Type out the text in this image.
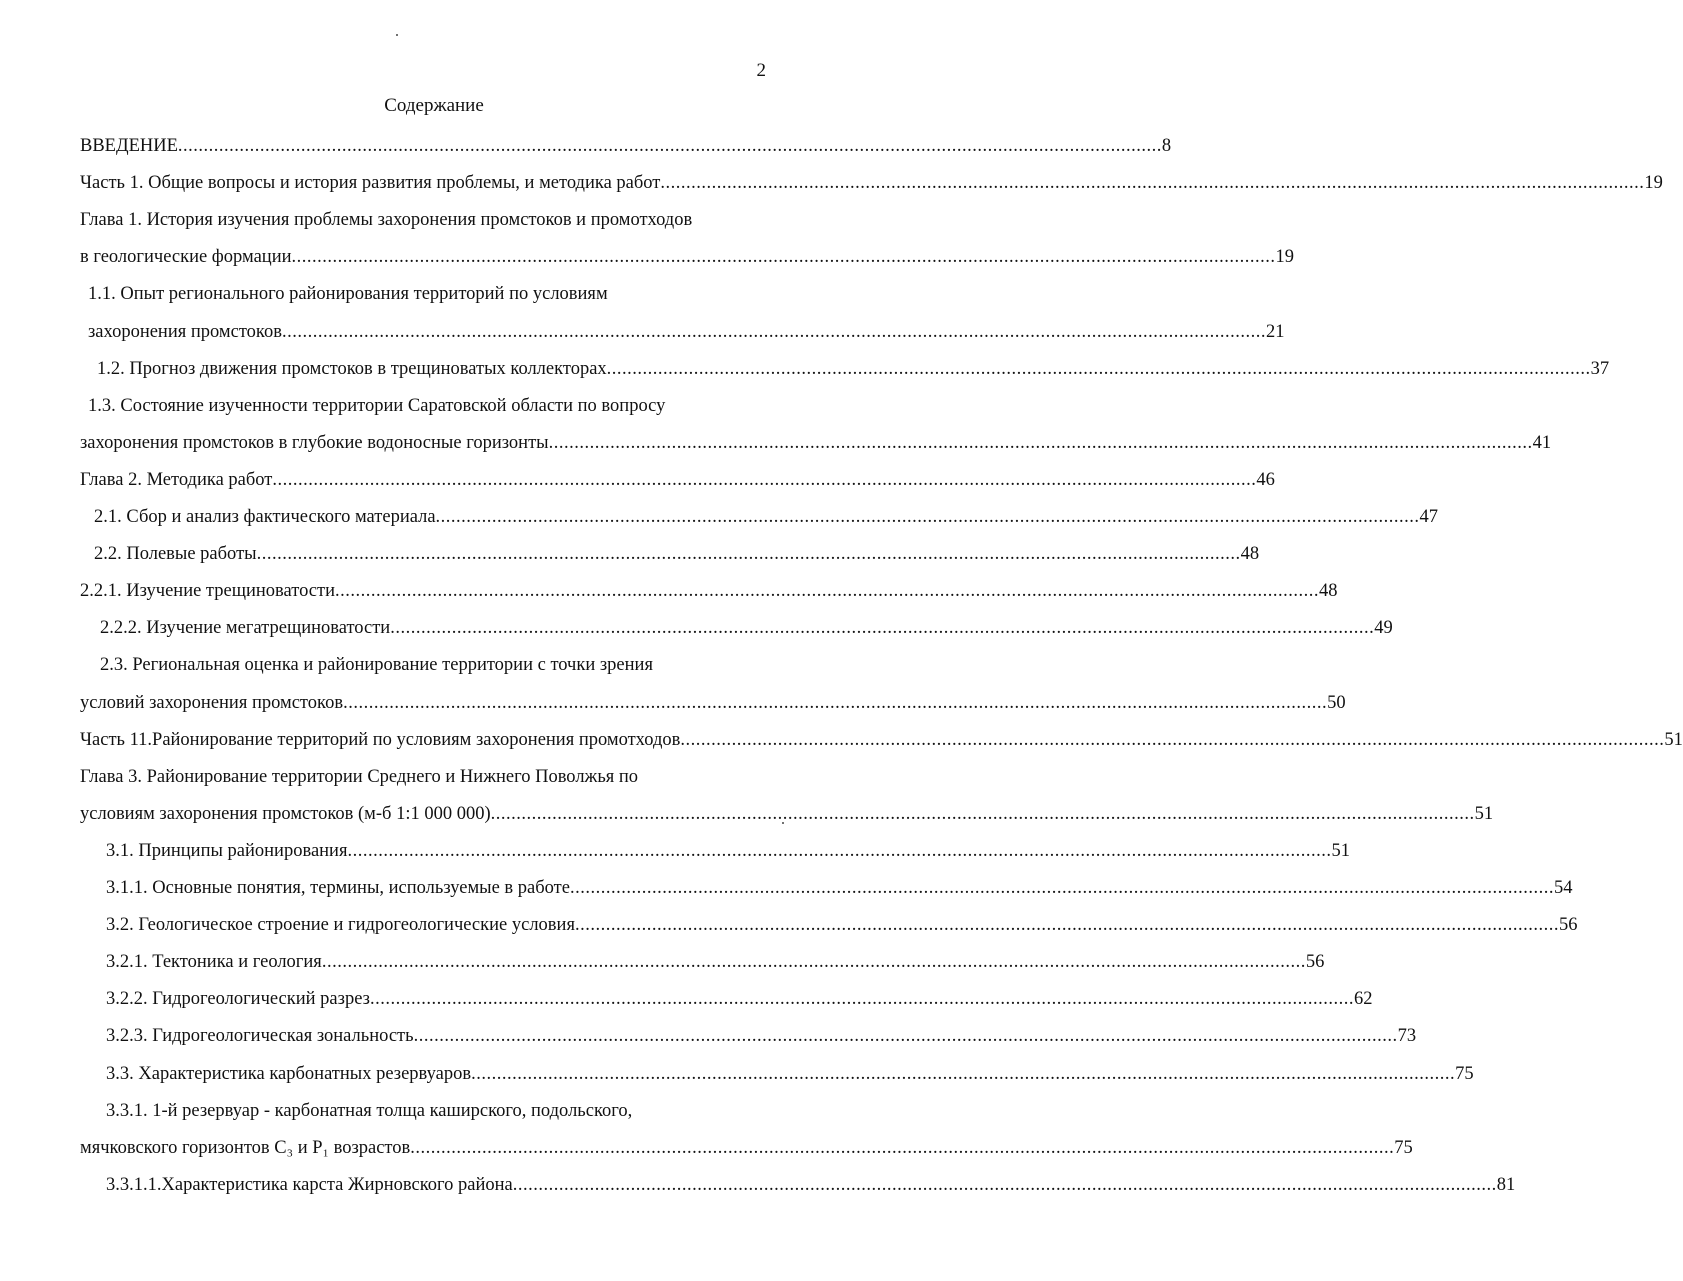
2
Содержание
ВВЕДЕНИЕ .....	8
Часть 1. Общие вопросы и история развития проблемы, и методика работ .....	19
Глава 1. История изучения проблемы захоронения промстоков и промотходов
в геологические формации .....	19
1.1. Опыт регионального районирования территорий по условиям
захоронения промстоков .....	21
1.2. Прогноз движения промстоков в трещиноватых коллекторах .....	37
1.3. Состояние изученности территории Саратовской области по вопросу
захоронения промстоков в глубокие водоносные горизонты .....	41
Глава 2. Методика работ .....	46
2.1. Сбор и анализ фактического материала .....	47
2.2. Полевые работы .....	48
2.2.1. Изучение трещиноватости .....	48
2.2.2. Изучение мегатрещиноватости .....	49
2.3. Региональная оценка и районирование территории с точки зрения
условий захоронения промстоков .....	50
Часть 11.Районирование территорий по условиям захоронения промотходов .....	51
Глава 3. Районирование территории Среднего и Нижнего Поволжья по
условиям захоронения промстоков (м-б 1:1 000 000) .....	51
3.1. Принципы районирования .....	51
3.1.1. Основные понятия, термины, используемые в работе .....	54
3.2. Геологическое строение и гидрогеологические условия .....	56
3.2.1. Тектоника и геология .....	56
3.2.2. Гидрогеологический разрез .....	62
3.2.3. Гидрогеологическая зональность .....	73
3.3. Характеристика карбонатных резервуаров .....	75
3.3.1. 1-й резервуар - карбонатная толща каширского, подольского,
мячковского горизонтов С₃ и Р₁ возрастов .....	75
3.3.1.1.Характеристика карста Жирновского района .....	81
